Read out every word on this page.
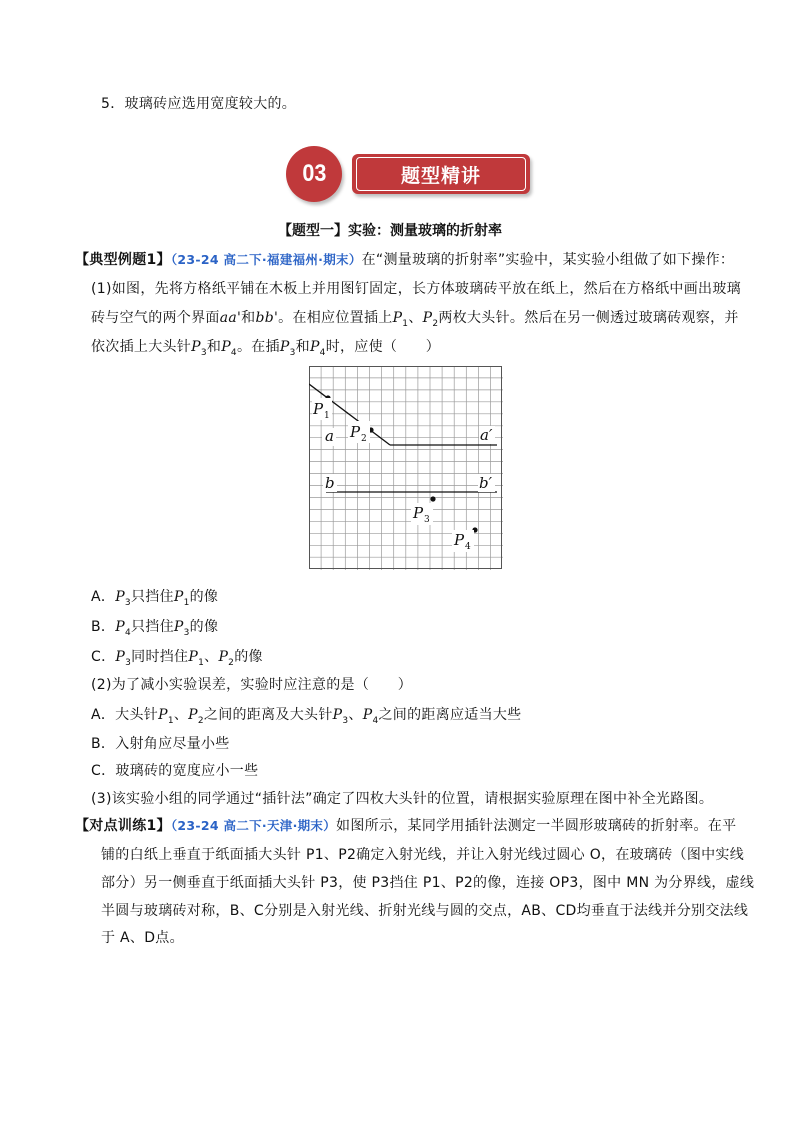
5．玻璃砖应选用宽度较大的。
03	题型精讲
【题型一】实验：测量玻璃的折射率
【典型例题1】（23-24 高二下·福建福州·期末）在“测量玻璃的折射率”实验中，某实验小组做了如下操作：
(1)如图，先将方格纸平铺在木板上并用图钉固定，长方体玻璃砖平放在纸上，然后在方格纸中画出玻璃
砖与空气的两个界面aa'和bb'。在相应位置插上$P_1$、$P_2$两枚大头针。然后在另一侧透过玻璃砖观察，并
依次插上大头针$P_3$和$P_4$。在插$P_3$和$P_4$时，应使（　　）
P 1
a P 2	a′
b	b′
P 3
P 4
A．$P_3$只挡住$P_1$的像
B．$P_4$只挡住$P_3$的像
C．$P_3$同时挡住$P_1$、$P_2$的像
(2)为了减小实验误差，实验时应注意的是（　　）
A．大头针$P_1$、$P_2$之间的距离及大头针$P_3$、$P_4$之间的距离应适当大些
B．入射角应尽量小些
C．玻璃砖的宽度应小一些
(3)该实验小组的同学通过“插针法”确定了四枚大头针的位置，请根据实验原理在图中补全光路图。
【对点训练1】（23-24 高二下·天津·期末）如图所示，某同学用插针法测定一半圆形玻璃砖的折射率。在平
铺的白纸上垂直于纸面插大头针 P1、P2确定入射光线，并让入射光线过圆心 O，在玻璃砖（图中实线
部分）另一侧垂直于纸面插大头针 P3，使 P3挡住 P1、P2的像，连接 OP3，图中 MN 为分界线，虚线
半圆与玻璃砖对称，B、C分别是入射光线、折射光线与圆的交点，AB、CD均垂直于法线并分别交法线
于 A、D点。
